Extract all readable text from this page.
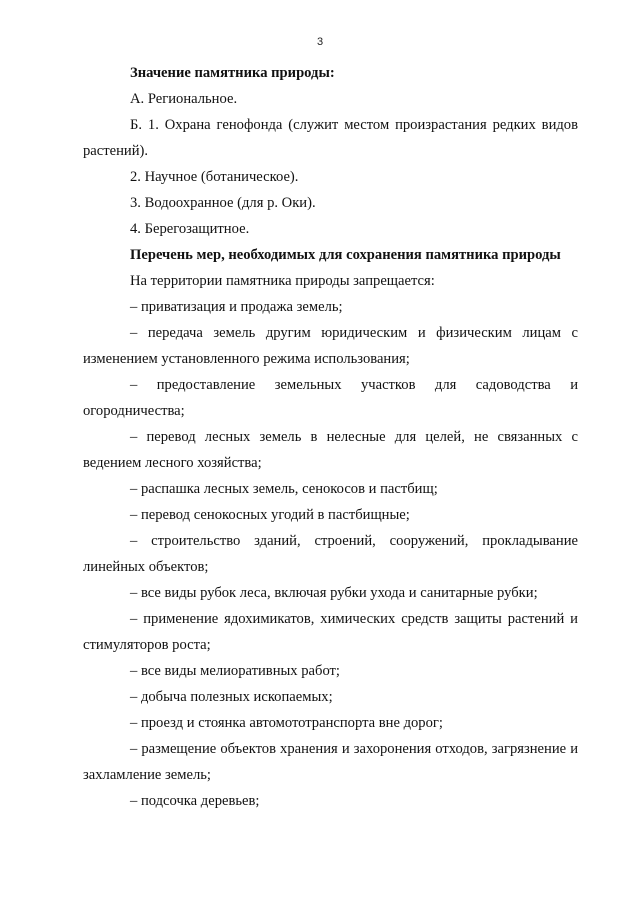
3

Значение памятника природы:

А. Региональное.

Б. 1. Охрана генофонда (служит местом произрастания редких видов растений).

2. Научное (ботаническое).

3. Водоохранное (для р. Оки).

4. Берегозащитное.

Перечень мер, необходимых для сохранения памятника природы

На территории памятника природы запрещается:

– приватизация и продажа земель;

– передача земель другим юридическим и физическим лицам с изменением установленного режима использования;

– предоставление земельных участков для садоводства и огородничества;

– перевод лесных земель в нелесные для целей, не связанных с ведением лесного хозяйства;

– распашка лесных земель, сенокосов и пастбищ;

– перевод сенокосных угодий в пастбищные;

– строительство зданий, строений, сооружений, прокладывание линейных объектов;

– все виды рубок леса, включая рубки ухода и санитарные рубки;

– применение ядохимикатов, химических средств защиты растений и стимуляторов роста;

– все виды мелиоративных работ;

– добыча полезных ископаемых;

– проезд и стоянка автомототранспорта вне дорог;

– размещение объектов хранения и захоронения отходов, загрязнение и захламление земель;

– подсочка деревьев;
